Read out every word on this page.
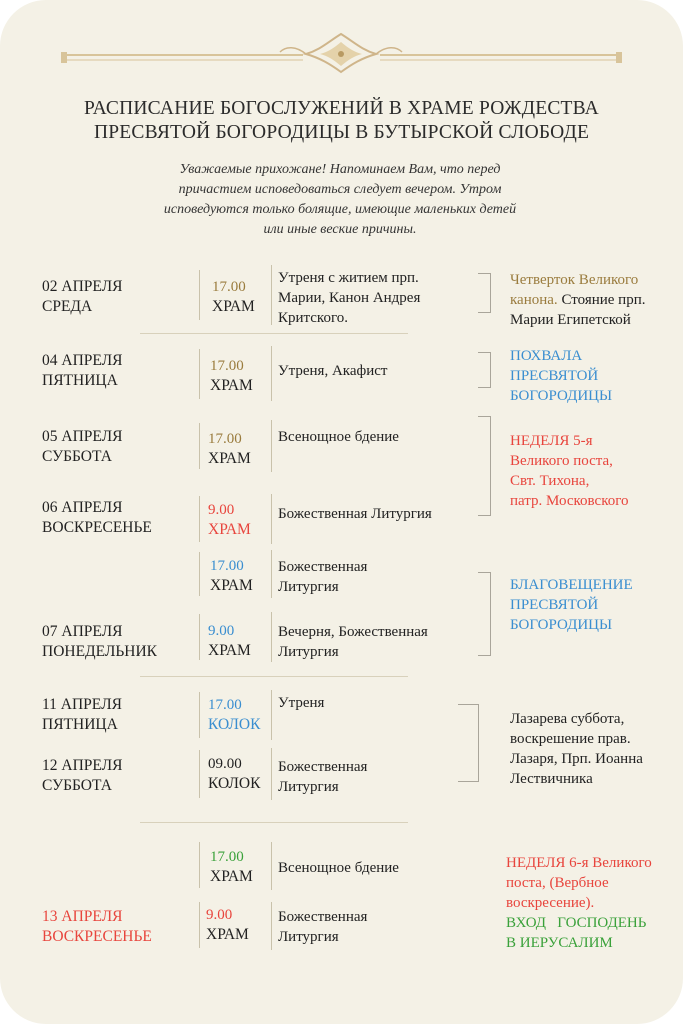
РАСПИСАНИЕ БОГОСЛУЖЕНИЙ В ХРАМЕ РОЖДЕСТВА
ПРЕСВЯТОЙ БОГОРОДИЦЫ В БУТЫРСКОЙ СЛОБОДЕ
Уважаемые прихожане! Напоминаем Вам, что перед
причастием исповедоваться следует вечером. Утром
исповедуются только болящие, имеющие маленьких детей
или иные веские причины.
02 АПРЕЛЯ
СРЕДА
17.00
ХРАМ
Утреня с житием прп.
Марии, Канон Андрея
Критского.
Четверток Великого
канона. Стояние прп.
Марии Египетской
04 АПРЕЛЯ
ПЯТНИЦА
17.00
ХРАМ
Утреня, Акафист
ПОХВАЛА
ПРЕСВЯТОЙ
БОГОРОДИЦЫ
05 АПРЕЛЯ
СУББОТА
17.00
ХРАМ
Всенощное бдение
06 АПРЕЛЯ
ВОСКРЕСЕНЬЕ
9.00
ХРАМ
Божественная Литургия
НЕДЕЛЯ 5-я
Великого поста,
Свт. Тихона,
патр. Московского
17.00
ХРАМ
Божественная
Литургия
07 АПРЕЛЯ
ПОНЕДЕЛЬНИК
9.00
ХРАМ
Вечерня, Божественная
Литургия
БЛАГОВЕЩЕНИЕ
ПРЕСВЯТОЙ
БОГОРОДИЦЫ
11 АПРЕЛЯ
ПЯТНИЦА
17.00
КОЛОК
Утреня
12 АПРЕЛЯ
СУББОТА
09.00
КОЛОК
Божественная
Литургия
Лазарева суббота,
воскрешение прав.
Лазаря, Прп. Иоанна
Лествичника
17.00
ХРАМ Всенощное бдение
13 АПРЕЛЯ
ВОСКРЕСЕНЬЕ
9.00
ХРАМ
Божественная
Литургия
НЕДЕЛЯ 6-я Великого
поста, (Вербное
воскресение).
ВХОД   ГОСПОДЕНЬ
В ИЕРУСАЛИМ
